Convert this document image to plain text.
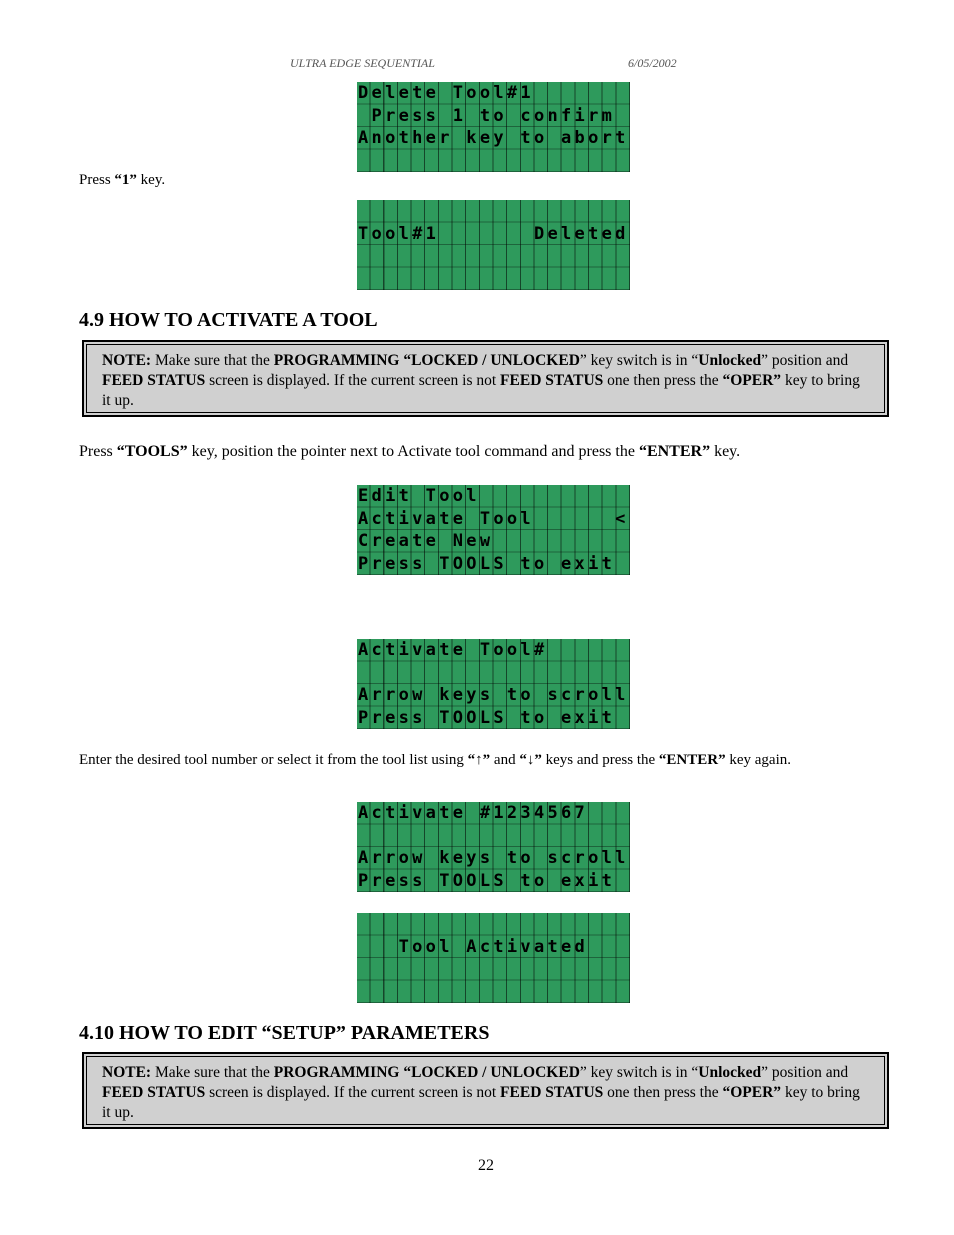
ULTRA EDGE SEQUENTIAL	6/05/2002
Delete Tool#1
Press 1 to confirm
Another key to abort
Press “1” key.
Tool#1       Deleted
4.9 HOW TO ACTIVATE A TOOL
NOTE: Make sure that the PROGRAMMING “LOCKED / UNLOCKED” key switch is in “Unlocked” position and FEED STATUS screen is displayed. If the current screen is not FEED STATUS one then press the “OPER” key to bring it up.
Press “TOOLS” key, position the pointer next to Activate tool command and press the “ENTER” key.
Edit Tool
Activate Tool      <
Create New
Press TOOLS to exit
Activate Tool#
Arrow keys to scroll
Press TOOLS to exit
Enter the desired tool number or select it from the tool list using “↑” and “↓” keys and press the “ENTER” key again.
Activate #1234567
Arrow keys to scroll
Press TOOLS to exit
Tool Activated
4.10 HOW TO EDIT “SETUP” PARAMETERS
NOTE: Make sure that the PROGRAMMING “LOCKED / UNLOCKED” key switch is in “Unlocked” position and FEED STATUS screen is displayed. If the current screen is not FEED STATUS one then press the “OPER” key to bring it up.
22
